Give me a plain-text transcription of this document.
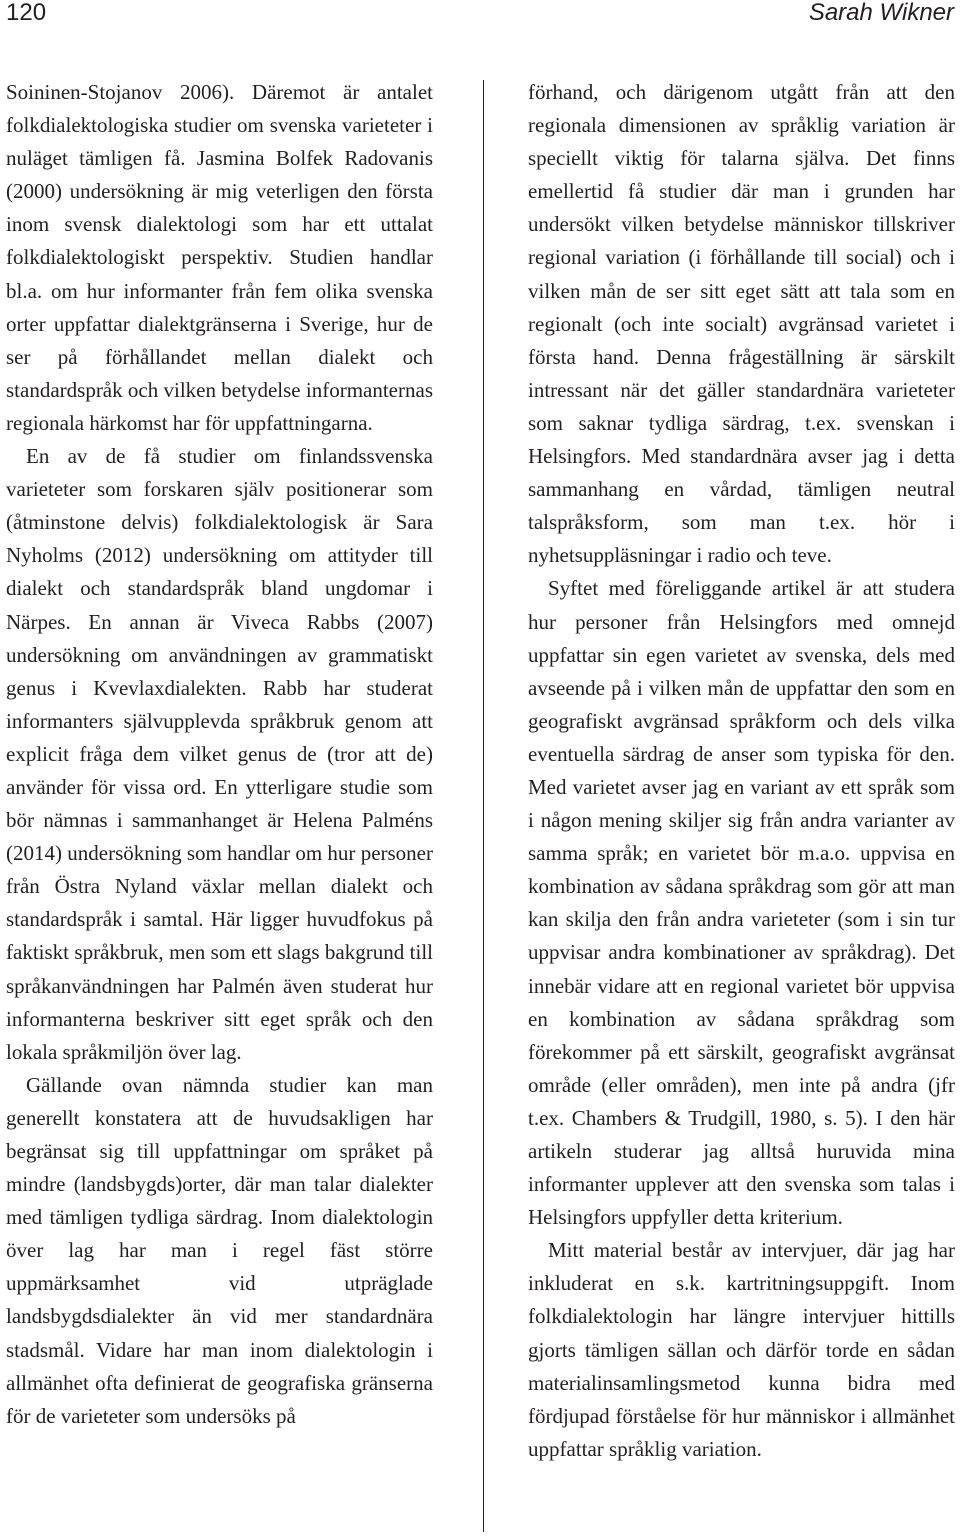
120	Sarah Wikner

Soininen-Stojanov 2006). Däremot är antalet folkdialektologiska studier om svenska varieteter i nuläget tämligen få. Jasmina Bolfek Radovanis (2000) undersökning är mig veterligen den första inom svensk dialektologi som har ett uttalat folkdialektologiskt perspektiv. Studien handlar bl.a. om hur informanter från fem olika svenska orter uppfattar dialektgränserna i Sverige, hur de ser på förhållandet mellan dialekt och standardspråk och vilken betydelse informanternas regionala härkomst har för uppfattningarna.

En av de få studier om finlandssvenska varieteter som forskaren själv positionerar som (åtminstone delvis) folkdialektologisk är Sara Nyholms (2012) undersökning om attityder till dialekt och standardspråk bland ungdomar i Närpes. En annan är Viveca Rabbs (2007) undersökning om användningen av grammatiskt genus i Kvevlaxdialekten. Rabb har studerat informanters självupplevda språkbruk genom att explicit fråga dem vilket genus de (tror att de) använder för vissa ord. En ytterligare studie som bör nämnas i sammanhanget är Helena Palméns (2014) undersökning som handlar om hur personer från Östra Nyland växlar mellan dialekt och standardspråk i samtal. Här ligger huvudfokus på faktiskt språkbruk, men som ett slags bakgrund till språkanvändningen har Palmén även studerat hur informanterna beskriver sitt eget språk och den lokala språkmiljön över lag.

Gällande ovan nämnda studier kan man generellt konstatera att de huvudsakligen har begränsat sig till uppfattningar om språket på mindre (landsbygds)orter, där man talar dialekter med tämligen tydliga särdrag. Inom dialektologin över lag har man i regel fäst större uppmärksamhet vid utpräglade landsbygdsdialekter än vid mer standardnära stadsmål. Vidare har man inom dialektologin i allmänhet ofta definierat de geografiska gränserna för de varieteter som undersöks på

förhand, och därigenom utgått från att den regionala dimensionen av språklig variation är speciellt viktig för talarna själva. Det finns emellertid få studier där man i grunden har undersökt vilken betydelse människor tillskriver regional variation (i förhållande till social) och i vilken mån de ser sitt eget sätt att tala som en regionalt (och inte socialt) avgränsad varietet i första hand. Denna frågeställning är särskilt intressant när det gäller standardnära varieteter som saknar tydliga särdrag, t.ex. svenskan i Helsingfors. Med standardnära avser jag i detta sammanhang en vårdad, tämligen neutral talspråksform, som man t.ex. hör i nyhetsuppläsningar i radio och teve.

Syftet med föreliggande artikel är att studera hur personer från Helsingfors med omnejd uppfattar sin egen varietet av svenska, dels med avseende på i vilken mån de uppfattar den som en geografiskt avgränsad språkform och dels vilka eventuella särdrag de anser som typiska för den. Med varietet avser jag en variant av ett språk som i någon mening skiljer sig från andra varianter av samma språk; en varietet bör m.a.o. uppvisa en kombination av sådana språkdrag som gör att man kan skilja den från andra varieteter (som i sin tur uppvisar andra kombinationer av språkdrag). Det innebär vidare att en regional varietet bör uppvisa en kombination av sådana språkdrag som förekommer på ett särskilt, geografiskt avgränsat område (eller områden), men inte på andra (jfr t.ex. Chambers & Trudgill, 1980, s. 5). I den här artikeln studerar jag alltså huruvida mina informanter upplever att den svenska som talas i Helsingfors uppfyller detta kriterium.

Mitt material består av intervjuer, där jag har inkluderat en s.k. kartritningsuppgift. Inom folkdialektologin har längre intervjuer hittills gjorts tämligen sällan och därför torde en sådan materialinsamlingsmetod kunna bidra med fördjupad förståelse för hur människor i allmänhet uppfattar språklig variation.
